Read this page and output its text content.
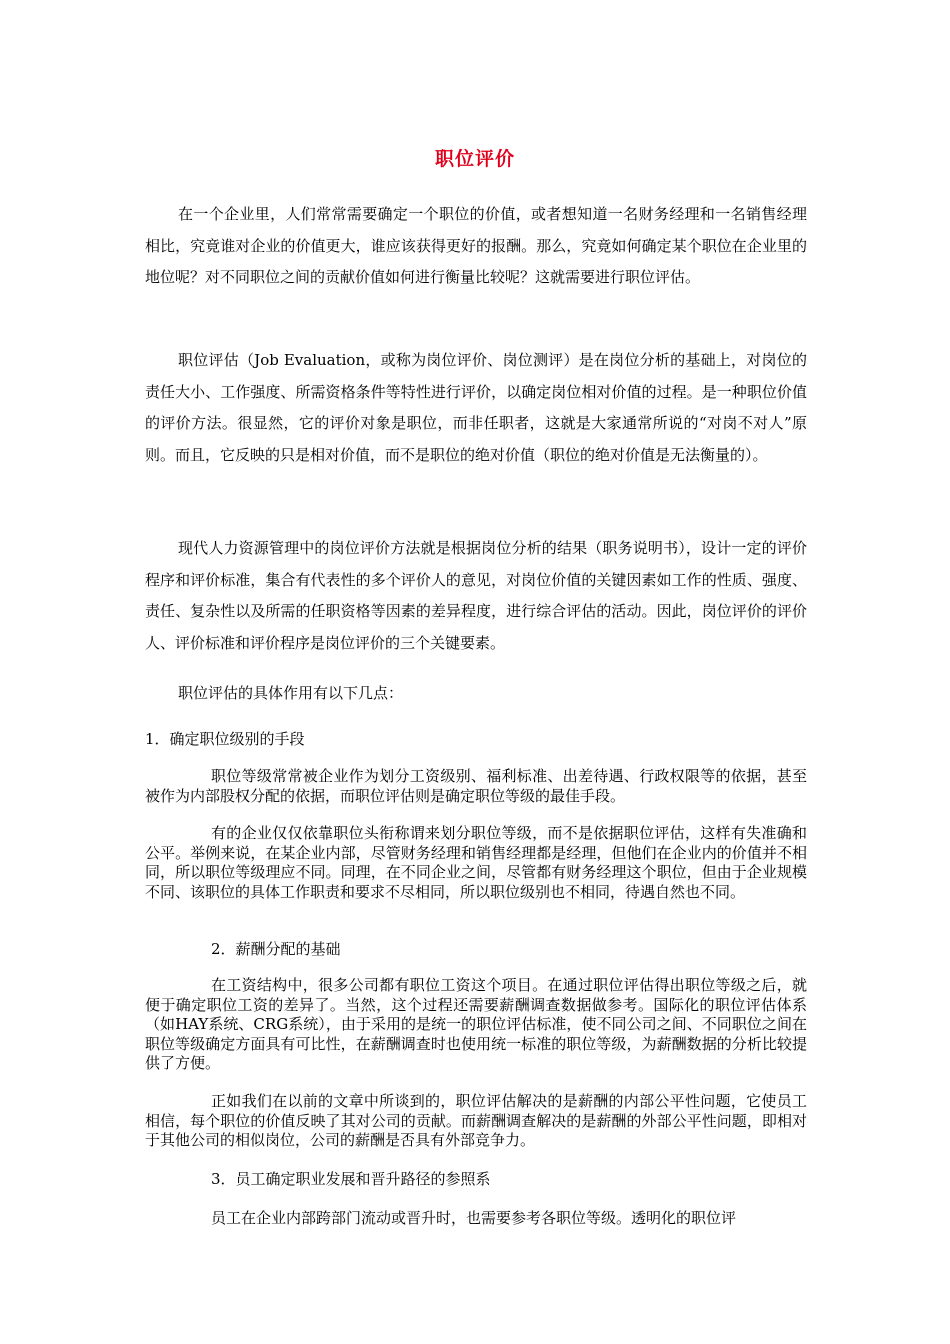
职位评价

在一个企业里，人们常常需要确定一个职位的价值，或者想知道一名财务经理和一名销售经理相比，究竟谁对企业的价值更大，谁应该获得更好的报酬。那么，究竟如何确定某个职位在企业里的地位呢？对不同职位之间的贡献价值如何进行衡量比较呢？这就需要进行职位评估。

职位评估（Job Evaluation，或称为岗位评价、岗位测评）是在岗位分析的基础上，对岗位的责任大小、工作强度、所需资格条件等特性进行评价，以确定岗位相对价值的过程。是一种职位价值的评价方法。很显然，它的评价对象是职位，而非任职者，这就是大家通常所说的“对岗不对人”原则。而且，它反映的只是相对价值，而不是职位的绝对价值（职位的绝对价值是无法衡量的）。

现代人力资源管理中的岗位评价方法就是根据岗位分析的结果（职务说明书），设计一定的评价程序和评价标准，集合有代表性的多个评价人的意见，对岗位价值的关键因素如工作的性质、强度、责任、复杂性以及所需的任职资格等因素的差异程度，进行综合评估的活动。因此，岗位评价的评价人、评价标准和评价程序是岗位评价的三个关键要素。

职位评估的具体作用有以下几点：

1．确定职位级别的手段

职位等级常常被企业作为划分工资级别、福利标准、出差待遇、行政权限等的依据，甚至被作为内部股权分配的依据，而职位评估则是确定职位等级的最佳手段。

有的企业仅仅依靠职位头衔称谓来划分职位等级，而不是依据职位评估，这样有失准确和公平。举例来说，在某企业内部，尽管财务经理和销售经理都是经理，但他们在企业内的价值并不相同，所以职位等级理应不同。同理，在不同企业之间，尽管都有财务经理这个职位，但由于企业规模不同、该职位的具体工作职责和要求不尽相同，所以职位级别也不相同，待遇自然也不同。

2．薪酬分配的基础

在工资结构中，很多公司都有职位工资这个项目。在通过职位评估得出职位等级之后，就便于确定职位工资的差异了。当然，这个过程还需要薪酬调查数据做参考。国际化的职位评估体系（如HAY系统、CRG系统），由于采用的是统一的职位评估标准，使不同公司之间、不同职位之间在职位等级确定方面具有可比性，在薪酬调查时也使用统一标准的职位等级，为薪酬数据的分析比较提供了方便。

正如我们在以前的文章中所谈到的，职位评估解决的是薪酬的内部公平性问题，它使员工相信，每个职位的价值反映了其对公司的贡献。而薪酬调查解决的是薪酬的外部公平性问题，即相对于其他公司的相似岗位，公司的薪酬是否具有外部竞争力。

3．员工确定职业发展和晋升路径的参照系

员工在企业内部跨部门流动或晋升时，也需要参考各职位等级。透明化的职位评
